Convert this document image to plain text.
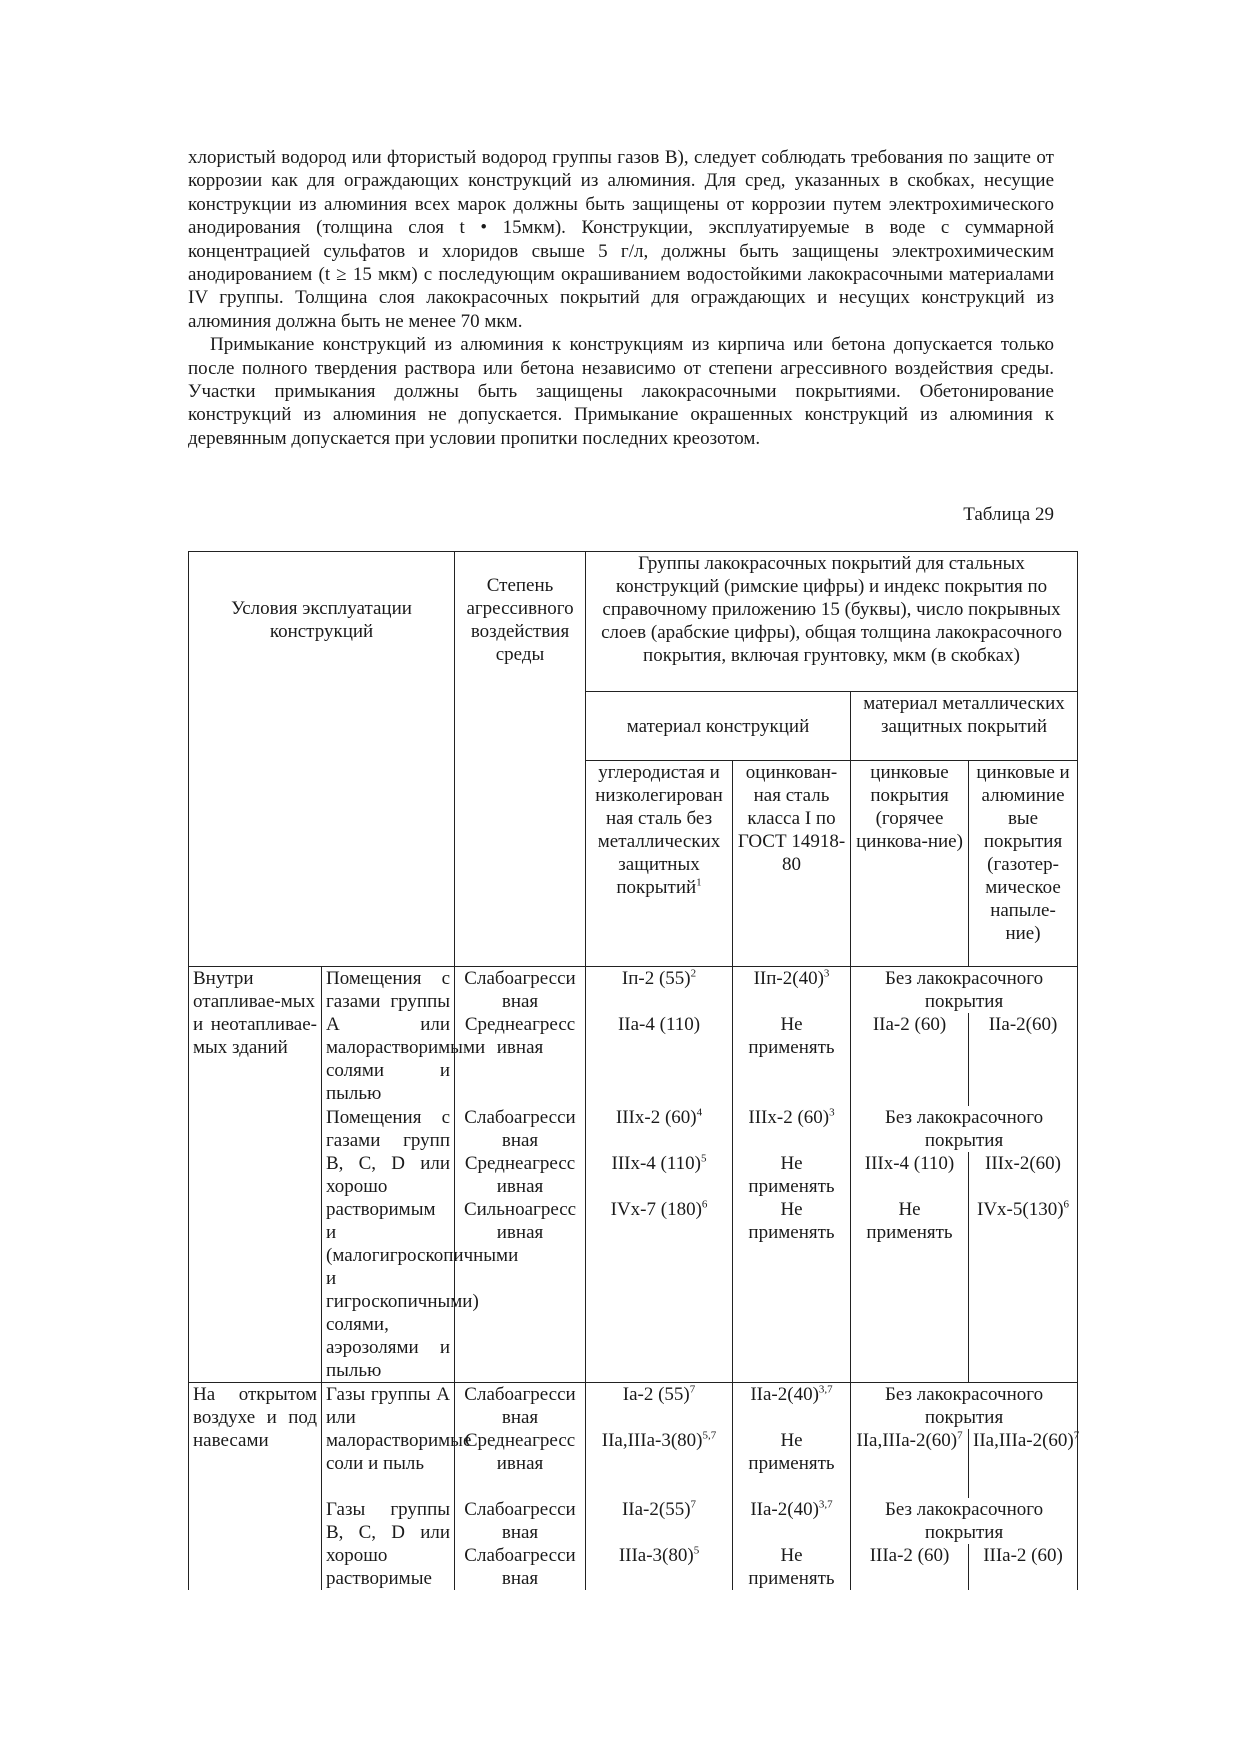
хлористый водород или фтористый водород группы газов В), следует соблюдать требования по защите от коррозии как для ограждающих конструкций из алюминия. Для сред, указанных в скобках, несущие конструкции из алюминия всех марок должны быть защищены от коррозии путем электрохимического анодирования (толщина слоя t • 15мкм). Конструкции, эксплуатируемые в воде с суммарной концентрацией сульфатов и хлоридов свыше 5 г/л, должны быть защищены электрохимическим анодированием (t ≥ 15 мкм) с последующим окрашиванием водостойкими лакокрасочными материалами IV группы. Толщина слоя лакокрасочных покрытий для ограждающих и несущих конструкций из алюминия должна быть не менее 70 мкм.

Примыкание конструкций из алюминия к конструкциям из кирпича или бетона допускается только после полного твердения раствора или бетона независимо от степени агрессивного воздействия среды. Участки примыкания должны быть защищены лакокрасочными покрытиями. Обетонирование конструкций из алюминия не допускается. Примыкание окрашенных конструкций из алюминия к деревянным допускается при условии пропитки последних креозотом.

Таблица 29
Условия эксплуатации конструкций		Степень агрессивного воздействия среды	Группы лакокрасочных покрытий для стальных конструкций (римские цифры) и индекс покрытия по справочному приложению 15 (буквы), число покрывных слоев (арабские цифры), общая толщина лакокрасочного покрытия, включая грунтовку, мкм (в скобках)			
			материал конструкций		материал металлических защитных покрытий	
			углеродистая и низколегирован ная сталь без металлических защитных покрытий$^1$	оцинкован-ная сталь класса I по ГОСТ 14918-80	цинковые покрытия (горячее цинкова-ние)	цинковые и алюминие вые покрытия (газотер-мическое напыле-ние)
Внутри отапливае-мых и неотапливае-мых зданий	Помещения с газами группы А или малорастворимыми солями и пылью	Слабоагресси вная	Iп-2 $(55)^2$	IIп-$2(40)^3$	Без лакокрасочного покрытия	
		Среднеагресс ивная	IIа-4 (110)	Не применять	IIа-2 (60)	IIа-2(60)
	Помещения с газами групп В, С, D или хорошо растворимым и (малогигроскопичными и гигроскопичными) солями, аэрозолями и пылью	Слабоагресси вная	IIIх-2 $(60)^4$	IIIх-2 $(60)^3$	Без лакокрасочного покрытия	
		Среднеагресс ивная	IIIх-4 $(110)^5$	Не применять	IIIх-4 (110)	IIIх-2(60)
		Сильноагресс ивная	IVх-7 $(180)^6$	Не применять	Не применять	IVх-$5(130)^6$
На открытом воздухе и под навесами	Газы группы А или малорастворимые соли и пыль	Слабоагресси вная	Iа-2 $(55)^7$	IIа-$2(40)^{3,7}$	Без лакокрасочного покрытия	
		Среднеагресс ивная	$IIа,IIIа-3(80)^{5,7}$	Не применять	$IIа,IIIа-2(60)^7$	$IIа,IIIа-2(60)^7$
	Газы группы В, С, D или хорошо растворимые	Слабоагресси вная	IIа-$2(55)^7$	IIа-$2(40)^{3,7}$	Без лакокрасочного покрытия	
		Слабоагресси вная	IIIа-$3(80)^5$	Не применять	IIIа-2 (60)	IIIа-2 (60)
